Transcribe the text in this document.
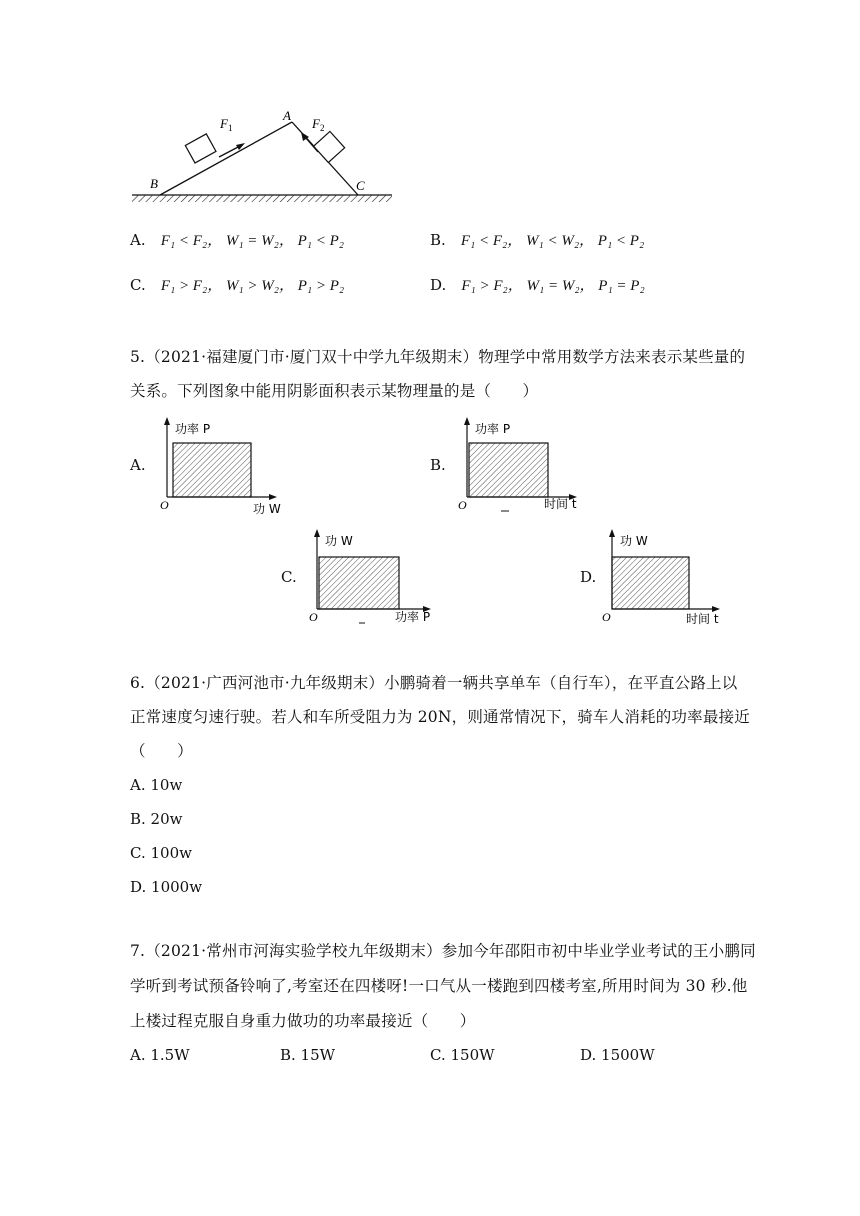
A
B	C
$F_1$	$F_2$
A. F₁ < F₂， W₁ = W₂， P₁ < P₂	B. F₁ < F₂， W₁ < W₂， P₁ < P₂
C. F₁ > F₂， W₁ > W₂， P₁ > P₂	D. F₁ > F₂， W₁ = W₂， P₁ = P₂
5.（2021·福建厦门市·厦门双十中学九年级期末）物理学中常用数学方法来表示某些量的
关系。下列图象中能用阴影面积表示某物理量的是（　　）
A.
功率 P
功 W
O
B.
功率 P
时间 t
O
C.
功 W
功率 P
O
D.
功 W
时间 t
O
6.（2021·广西河池市·九年级期末）小鹏骑着一辆共享单车（自行车），在平直公路上以
正常速度匀速行驶。若人和车所受阻力为 20N，则通常情况下，骑车人消耗的功率最接近
（　　）
A. 10w
B. 20w
C. 100w
D. 1000w
7.（2021·常州市河海实验学校九年级期末）参加今年邵阳市初中毕业学业考试的王小鹏同
学听到考试预备铃响了,考室还在四楼呀!一口气从一楼跑到四楼考室,所用时间为 30 秒.他
上楼过程克服自身重力做功的功率最接近（　　）
A. 1.5W	B. 15W	C. 150W	D. 1500W
